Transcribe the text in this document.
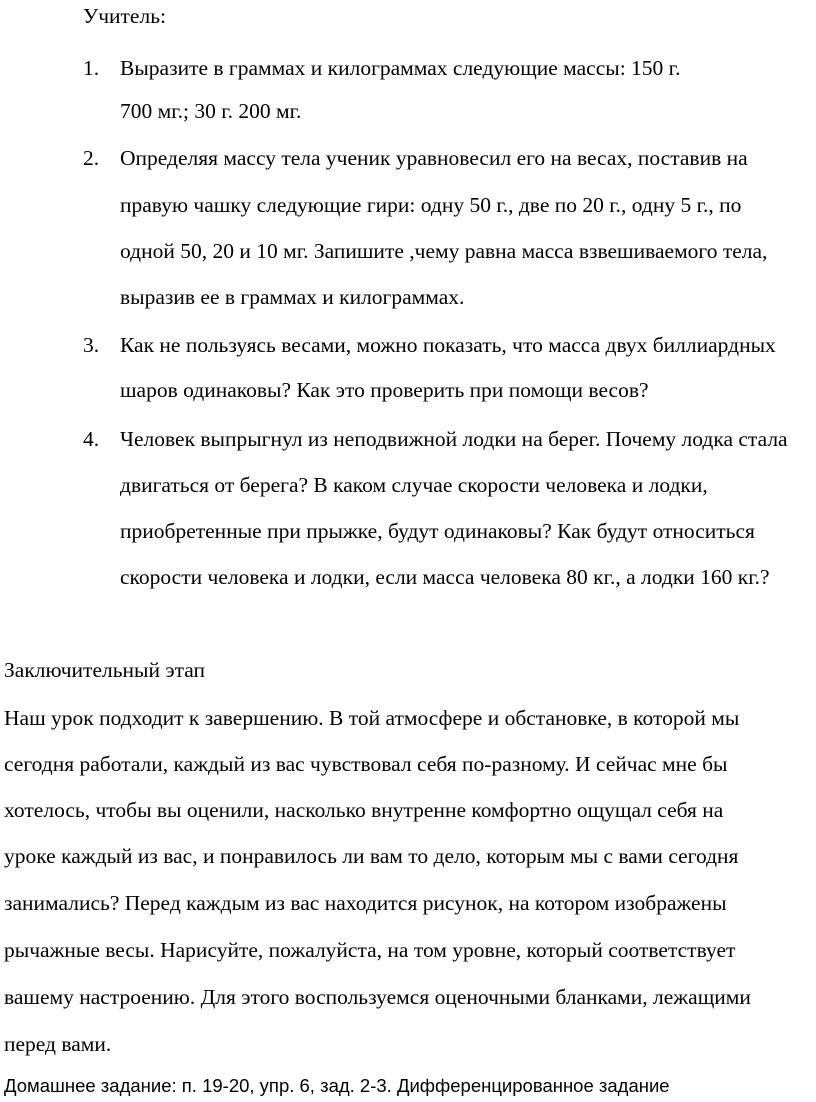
Учитель:
1. Выразите в граммах и килограммах следующие массы: 150 г.
700 мг.; 30 г. 200 мг.
2. Определяя массу тела ученик уравновесил его на весах, поставив на
правую чашку следующие гири: одну 50 г., две по 20 г., одну 5 г., по
одной 50, 20 и 10 мг. Запишите ,чему равна масса взвешиваемого тела,
выразив ее в граммах и килограммах.
3. Как не пользуясь весами, можно показать, что масса двух биллиардных
шаров одинаковы? Как это проверить при помощи весов?
4. Человек выпрыгнул из неподвижной лодки на берег. Почему лодка стала
двигаться от берега? В каком случае скорости человека и лодки,
приобретенные при прыжке, будут одинаковы? Как будут относиться
скорости человека и лодки, если масса человека 80 кг., а лодки 160 кг.?
Заключительный этап
Наш урок подходит к завершению. В той атмосфере и обстановке, в которой мы
сегодня работали, каждый из вас чувствовал себя по-разному. И сейчас мне бы
хотелось, чтобы вы оценили, насколько внутренне комфортно ощущал себя на
уроке каждый из вас, и понравилось ли вам то дело, которым мы с вами сегодня
занимались? Перед каждым из вас находится рисунок, на котором изображены
рычажные весы. Нарисуйте, пожалуйста, на том уровне, который соответствует
вашему настроению. Для этого воспользуемся оценочными бланками, лежащими
перед вами.
Домашнее задание: п. 19-20, упр. 6, зад. 2-3. Дифференцированное задание
